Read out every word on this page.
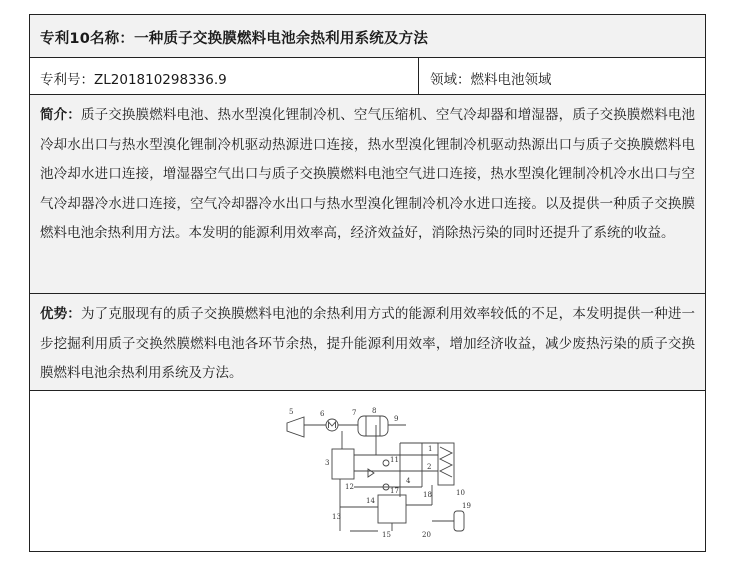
专利10名称：一种质子交换膜燃料电池余热利用系统及方法
专利号：ZL201810298336.9	领域：燃料电池领域
简介：质子交换膜燃料电池、热水型溴化锂制冷机、空气压缩机、空气冷却器和增湿器，质子交换膜燃料电池冷却水出口与热水型溴化锂制冷机驱动热源进口连接，热水型溴化锂制冷机驱动热源出口与质子交换膜燃料电池冷却水进口连接，增湿器空气出口与质子交换膜燃料电池空气进口连接，热水型溴化锂制冷机冷水出口与空气冷却器冷水进口连接，空气冷却器冷水出口与热水型溴化锂制冷机冷水进口连接。以及提供一种质子交换膜燃料电池余热利用方法。本发明的能源利用效率高，经济效益好，消除热污染的同时还提升了系统的收益。
优势：为了克服现有的质子交换膜燃料电池的余热利用方式的能源利用效率较低的不足，本发明提供一种进一步挖掘利用质子交换然膜燃料电池各环节余热，提升能源利用效率，增加经济收益，减少废热污染的质子交换膜燃料电池余热利用系统及方法。
5	6	7 8
9
3	11
2
1
12	17	10
18
4
13
14
15	20
19
